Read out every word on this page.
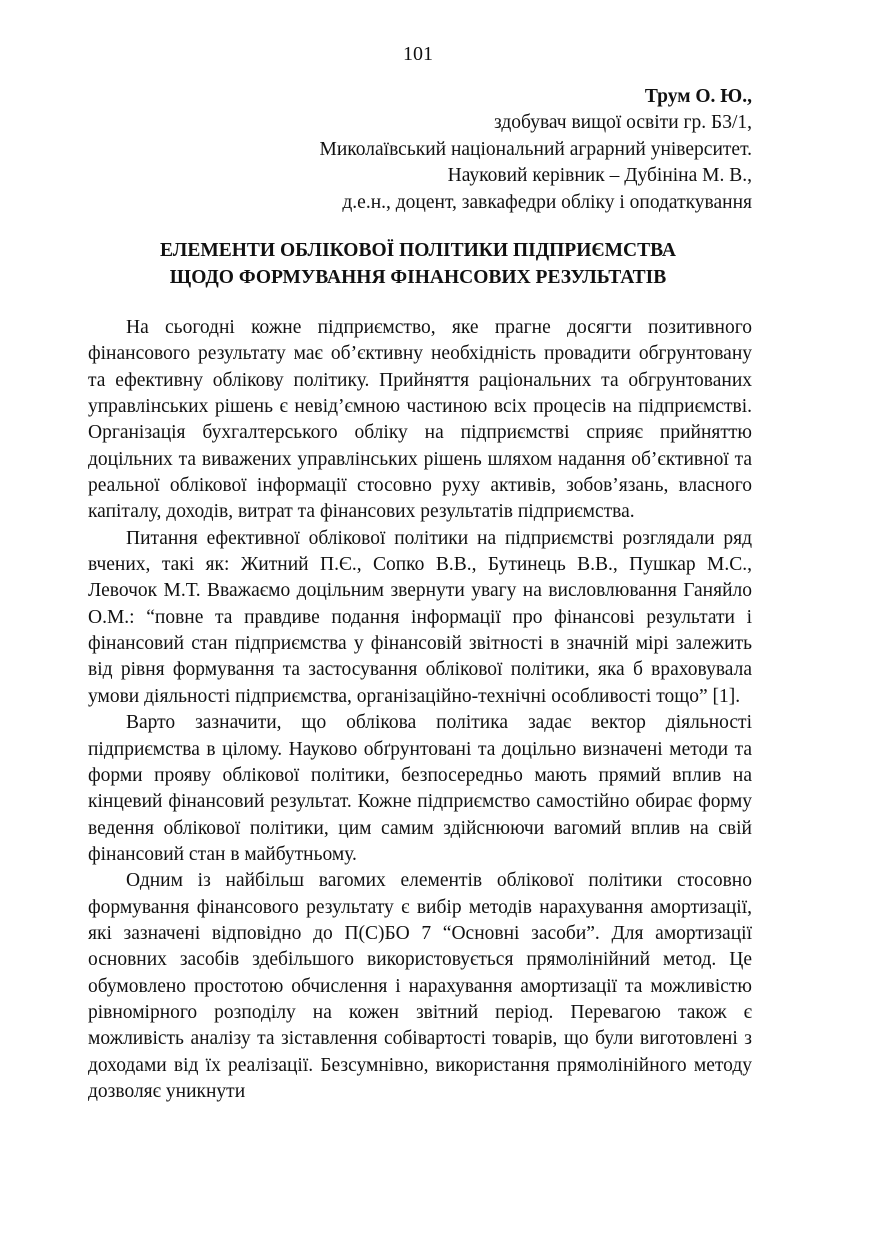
101
Трум О. Ю.,
здобувач вищої освіти гр. Б3/1,
Миколаївський національний аграрний університет.
Науковий керівник – Дубініна М. В.,
д.е.н., доцент, завкафедри обліку і оподаткування
ЕЛЕМЕНТИ ОБЛІКОВОЇ ПОЛІТИКИ ПІДПРИЄМСТВА
ЩОДО ФОРМУВАННЯ ФІНАНСОВИХ РЕЗУЛЬТАТІВ

На сьогодні кожне підприємство, яке прагне досягти позитивного фінансового результату має об’єктивну необхідність провадити обгрунтовану та ефективну облікову політику. Прийняття раціональних та обгрунтованих управлінських рішень є невід’ємною частиною всіх процесів на підприємстві. Організація бухгалтерського обліку на підприємстві сприяє прийняттю доцільних та виважених управлінських рішень шляхом надання об’єктивної та реальної облікової інформації стосовно руху активів, зобов’язань, власного капіталу, доходів, витрат та фінансових результатів підприємства.

Питання ефективної облікової політики на підприємстві розглядали ряд вчених, такі як: Житний П.Є., Сопко В.В., Бутинець В.В., Пушкар М.С., Левочок М.Т. Вважаємо доцільним звернути увагу на висловлювання Ганяйло О.М.: “повне та правдиве подання інформації про фінансові результати і фінансовий стан підприємства у фінансовій звітності в значній мірі залежить від рівня формування та застосування облікової політики, яка б враховувала умови діяльності підприємства, організаційно-технічні особливості тощо” [1].

Варто зазначити, що облікова політика задає вектор діяльності підприємства в цілому. Науково обґрунтовані та доцільно визначені методи та форми прояву облікової політики, безпосередньо мають прямий вплив на кінцевий фінансовий результат. Кожне підприємство самостійно обирає форму ведення облікової політики, цим самим здійснюючи вагомий вплив на свій фінансовий стан в майбутньому.

Одним із найбільш вагомих елементів облікової політики стосовно формування фінансового результату є вибір методів нарахування амортизації, які зазначені відповідно до П(С)БО 7 “Основні засоби”. Для амортизації основних засобів здебільшого використовується прямолінійний метод. Це обумовлено простотою обчислення і нарахування амортизації та можливістю рівномірного розподілу на кожен звітний період. Перевагою також є можливість аналізу та зіставлення собівартості товарів, що були виготовлені з доходами від їх реалізації. Безсумнівно, використання прямолінійного методу дозволяє уникнути
